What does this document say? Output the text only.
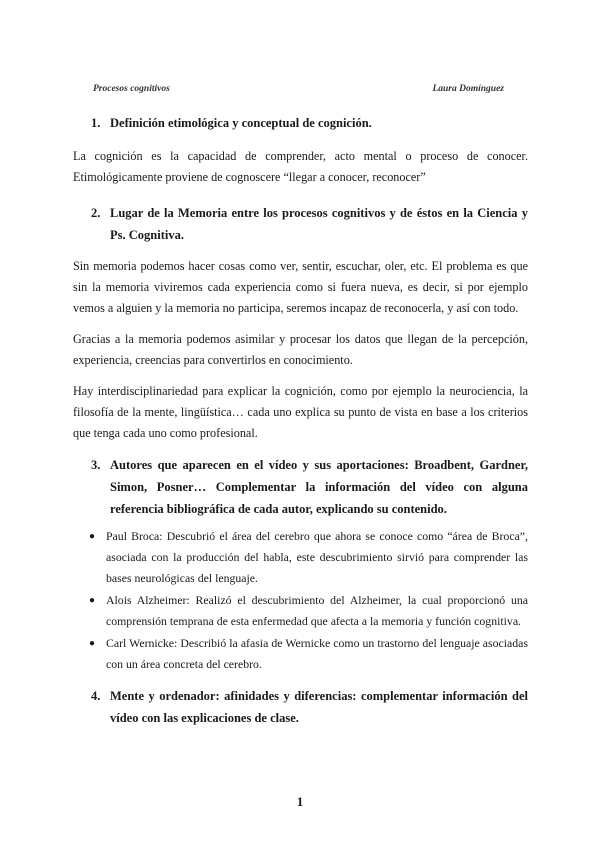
Procesos cognitivos	Laura Domínguez
1. Definición etimológica y conceptual de cognición.

La cognición es la capacidad de comprender, acto mental o proceso de conocer. Etimológicamente proviene de cognoscere “llegar a conocer, reconocer”

2. Lugar de la Memoria entre los procesos cognitivos y de éstos en la Ciencia y Ps. Cognitiva.

Sin memoria podemos hacer cosas como ver, sentir, escuchar, oler, etc. El problema es que sin la memoria viviremos cada experiencia como si fuera nueva, es decir, si por ejemplo vemos a alguien y la memoria no participa, seremos incapaz de reconocerla, y así con todo.

Gracias a la memoria podemos asimilar y procesar los datos que llegan de la percepción, experiencia, creencias para convertirlos en conocimiento.

Hay interdisciplinariedad para explicar la cognición, como por ejemplo la neurociencia, la filosofía de la mente, lingüística… cada uno explica su punto de vista en base a los criterios que tenga cada uno como profesional.

3. Autores que aparecen en el vídeo y sus aportaciones: Broadbent, Gardner, Simon, Posner… Complementar la información del vídeo con alguna referencia bibliográfica de cada autor, explicando su contenido.
● Paul Broca: Descubrió el área del cerebro que ahora se conoce como “área de Broca”, asociada con la producción del habla, este descubrimiento sirvió para comprender las bases neurológicas del lenguaje.
● Alois Alzheimer: Realizó el descubrimiento del Alzheimer, la cual proporcionó una comprensión temprana de esta enfermedad que afecta a la memoria y función cognitiva.
● Carl Wernicke: Describió la afasia de Wernicke como un trastorno del lenguaje asociadas con un área concreta del cerebro.
4. Mente y ordenador: afinidades y diferencias: complementar información del vídeo con las explicaciones de clase.
1
